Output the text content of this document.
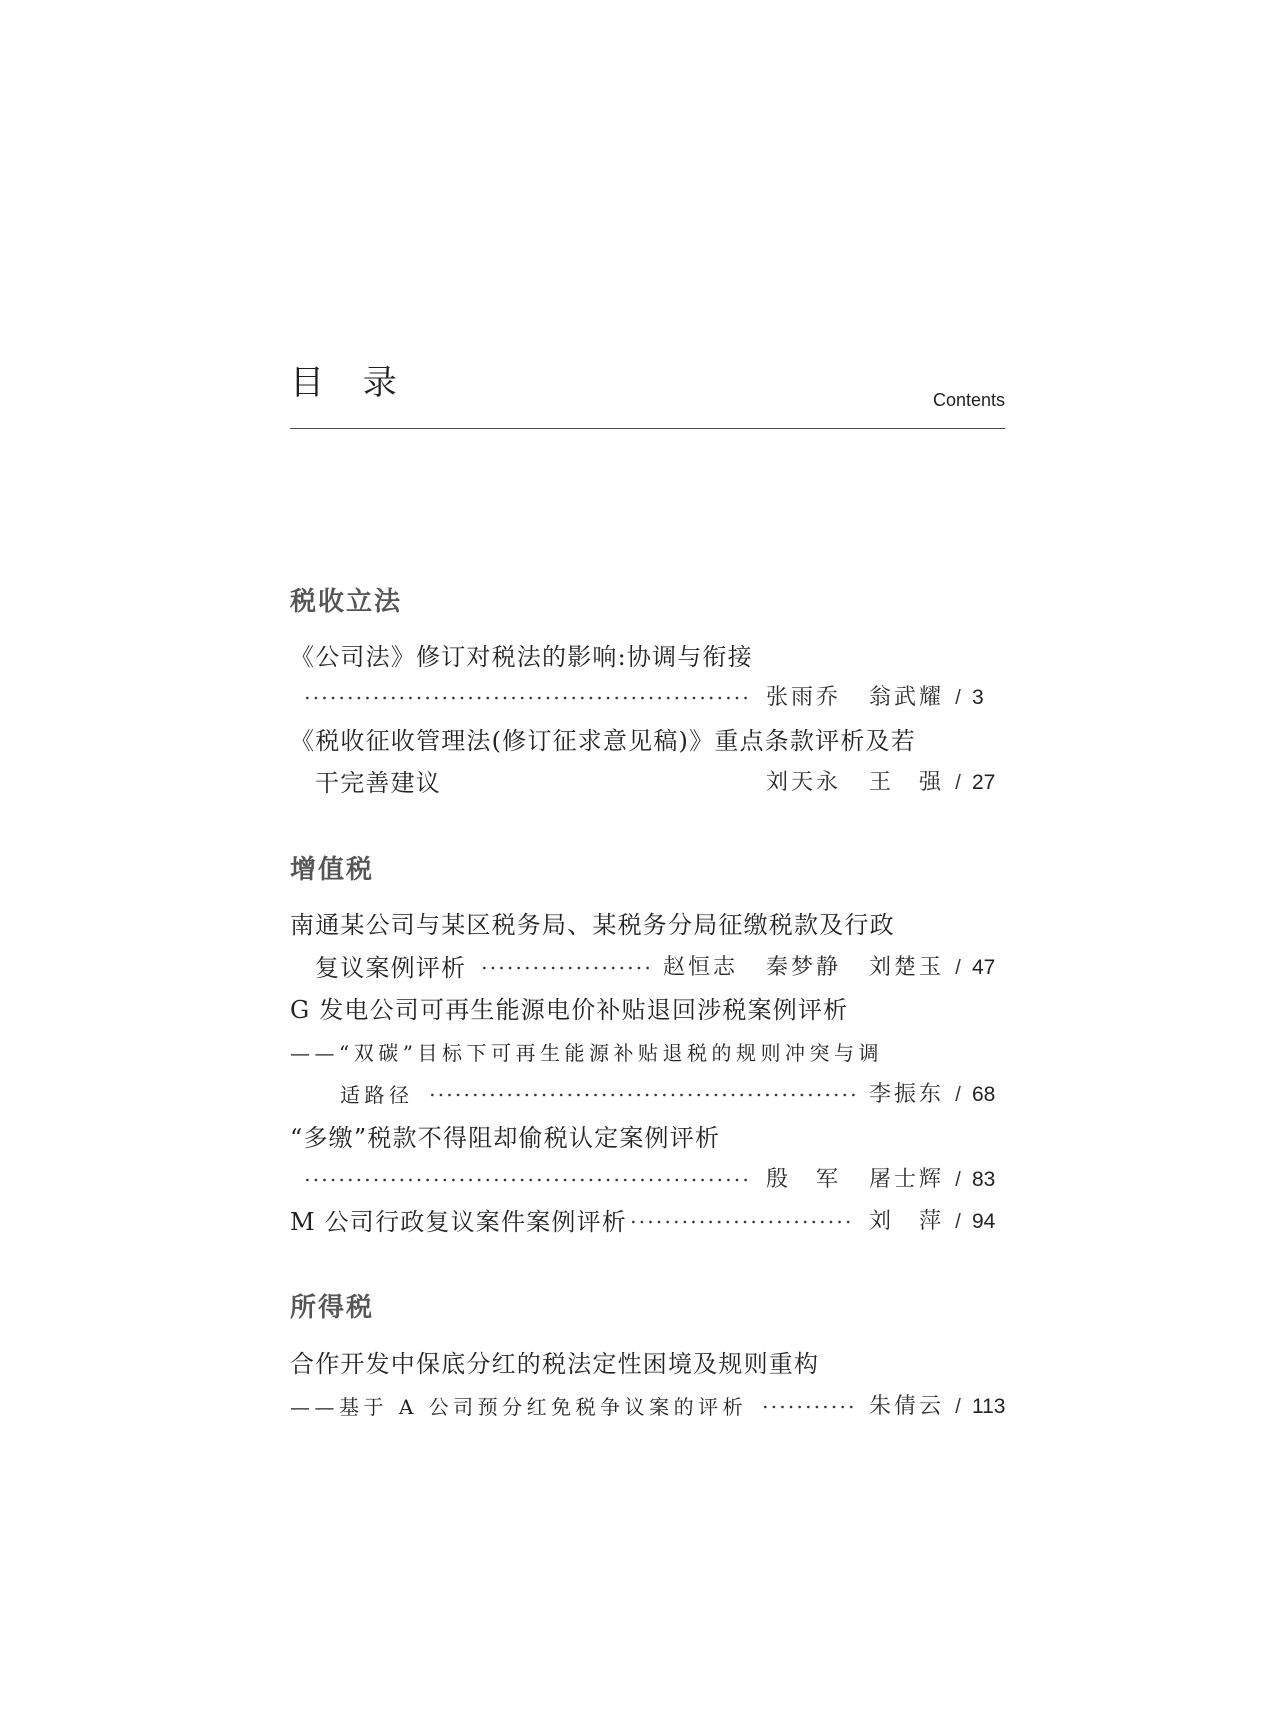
目 录	Contents
税收立法
《公司法》修订对税法的影响:协调与衔接
张雨乔 翁武耀 / 3
《税收征收管理法(修订征求意见稿)》重点条款评析及若
干完善建议	刘天永 王　强 / 27
增值税
南通某公司与某区税务局、某税务分局征缴税款及行政
复议案例评析	赵恒志 秦梦静 刘楚玉 / 47
G 发电公司可再生能源电价补贴退回涉税案例评析
——“双碳”目标下可再生能源补贴退税的规则冲突与调
适路径	李振东 / 68
“多缴”税款不得阻却偷税认定案例评析
殷　军 屠士辉 / 83
M 公司行政复议案件案例评析	刘　萍 / 94
所得税
合作开发中保底分红的税法定性困境及规则重构
——基于 A 公司预分红免税争议案的评析	朱倩云 / 113
